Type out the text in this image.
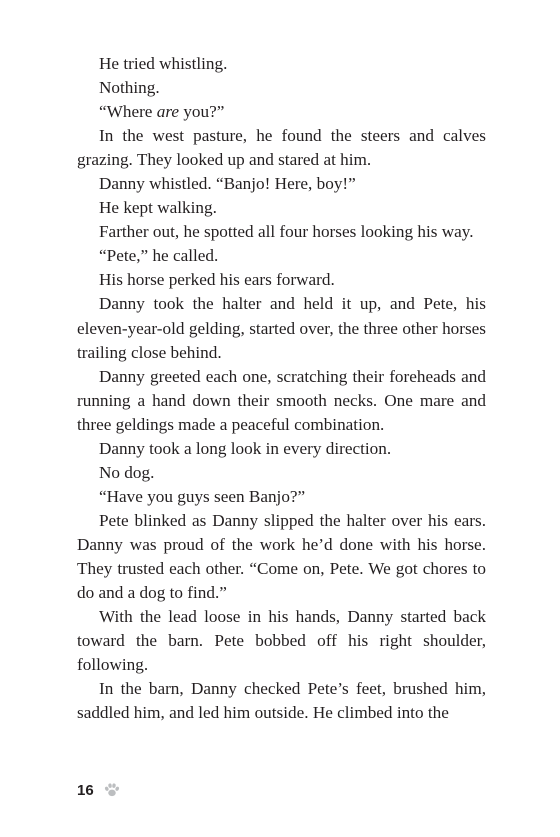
He tried whistling.

Nothing.

“Where are you?”

In the west pasture, he found the steers and calves grazing. They looked up and stared at him.

Danny whistled. “Banjo! Here, boy!”

He kept walking.

Farther out, he spotted all four horses looking his way.

“Pete,” he called.

His horse perked his ears forward.

Danny took the halter and held it up, and Pete, his eleven-year-old gelding, started over, the three other horses trailing close behind.

Danny greeted each one, scratching their foreheads and running a hand down their smooth necks. One mare and three geldings made a peaceful combination.

Danny took a long look in every direction.

No dog.

“Have you guys seen Banjo?”

Pete blinked as Danny slipped the halter over his ears. Danny was proud of the work he’d done with his horse. They trusted each other. “Come on, Pete. We got chores to do and a dog to find.”

With the lead loose in his hands, Danny started back toward the barn. Pete bobbed off his right shoulder, following.

In the barn, Danny checked Pete’s feet, brushed him, saddled him, and led him outside. He climbed into the

16
